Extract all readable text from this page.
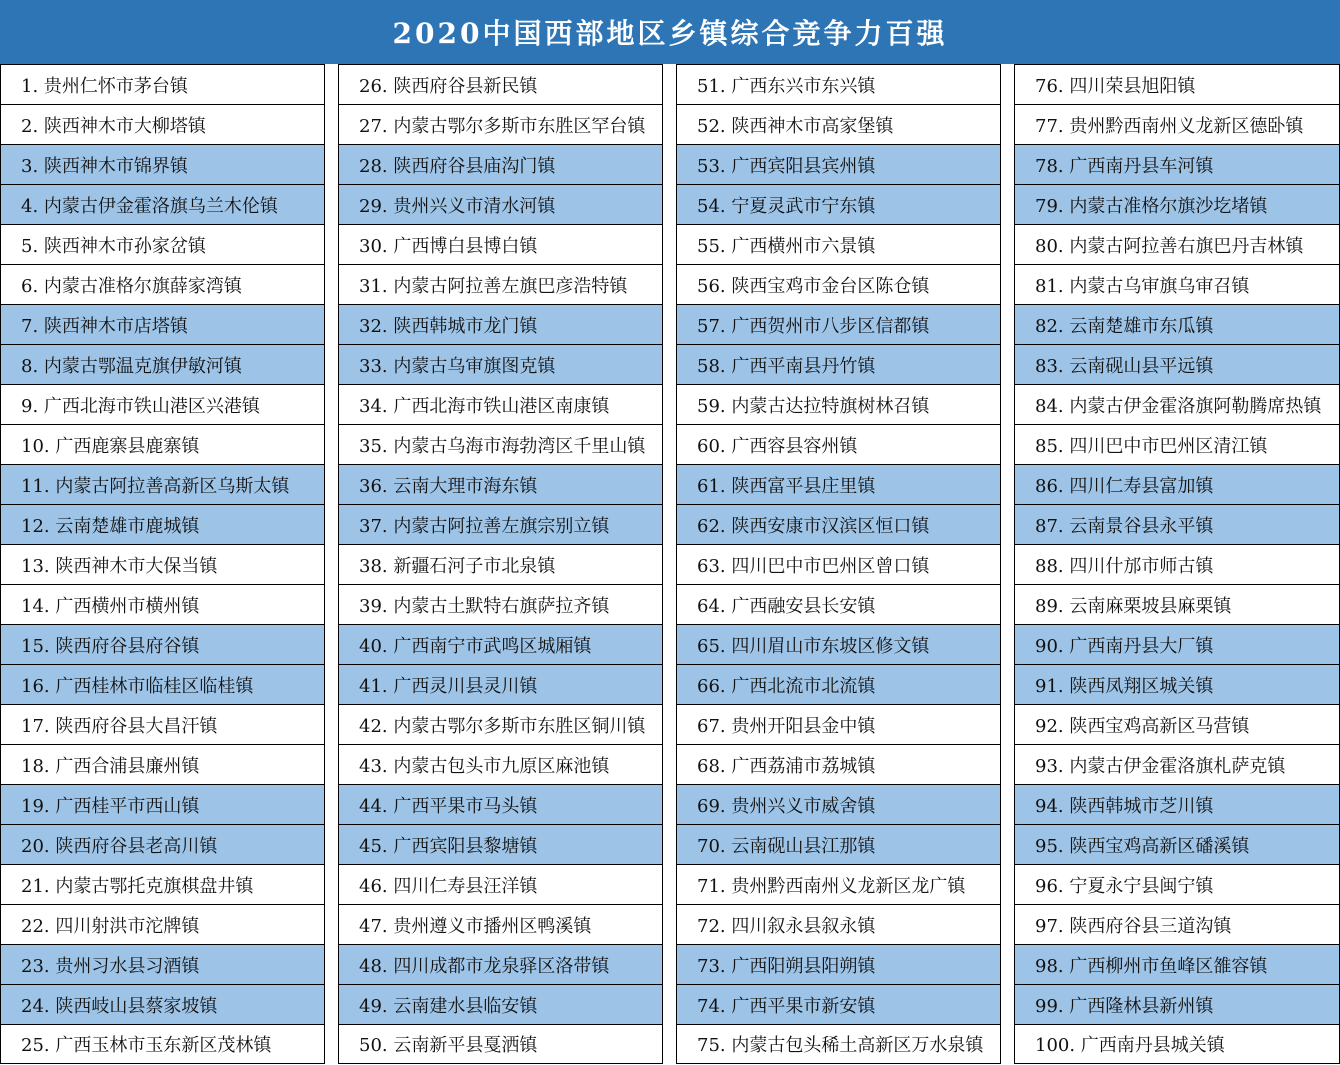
2020中国西部地区乡镇综合竞争力百强
1. 贵州仁怀市茅台镇
2. 陕西神木市大柳塔镇
3. 陕西神木市锦界镇
4. 内蒙古伊金霍洛旗乌兰木伦镇
5. 陕西神木市孙家岔镇
6. 内蒙古准格尔旗薛家湾镇
7. 陕西神木市店塔镇
8. 内蒙古鄂温克旗伊敏河镇
9. 广西北海市铁山港区兴港镇
10. 广西鹿寨县鹿寨镇
11. 内蒙古阿拉善高新区乌斯太镇
12. 云南楚雄市鹿城镇
13. 陕西神木市大保当镇
14. 广西横州市横州镇
15. 陕西府谷县府谷镇
16. 广西桂林市临桂区临桂镇
17. 陕西府谷县大昌汗镇
18. 广西合浦县廉州镇
19. 广西桂平市西山镇
20. 陕西府谷县老高川镇
21. 内蒙古鄂托克旗棋盘井镇
22. 四川射洪市沱牌镇
23. 贵州习水县习酒镇
24. 陕西岐山县蔡家坡镇
25. 广西玉林市玉东新区茂林镇
26. 陕西府谷县新民镇
27. 内蒙古鄂尔多斯市东胜区罕台镇
28. 陕西府谷县庙沟门镇
29. 贵州兴义市清水河镇
30. 广西博白县博白镇
31. 内蒙古阿拉善左旗巴彦浩特镇
32. 陕西韩城市龙门镇
33. 内蒙古乌审旗图克镇
34. 广西北海市铁山港区南康镇
35. 内蒙古乌海市海勃湾区千里山镇
36. 云南大理市海东镇
37. 内蒙古阿拉善左旗宗别立镇
38. 新疆石河子市北泉镇
39. 内蒙古土默特右旗萨拉齐镇
40. 广西南宁市武鸣区城厢镇
41. 广西灵川县灵川镇
42. 内蒙古鄂尔多斯市东胜区铜川镇
43. 内蒙古包头市九原区麻池镇
44. 广西平果市马头镇
45. 广西宾阳县黎塘镇
46. 四川仁寿县汪洋镇
47. 贵州遵义市播州区鸭溪镇
48. 四川成都市龙泉驿区洛带镇
49. 云南建水县临安镇
50. 云南新平县戛洒镇
51. 广西东兴市东兴镇
52. 陕西神木市高家堡镇
53. 广西宾阳县宾州镇
54. 宁夏灵武市宁东镇
55. 广西横州市六景镇
56. 陕西宝鸡市金台区陈仓镇
57. 广西贺州市八步区信都镇
58. 广西平南县丹竹镇
59. 内蒙古达拉特旗树林召镇
60. 广西容县容州镇
61. 陕西富平县庄里镇
62. 陕西安康市汉滨区恒口镇
63. 四川巴中市巴州区曾口镇
64. 广西融安县长安镇
65. 四川眉山市东坡区修文镇
66. 广西北流市北流镇
67. 贵州开阳县金中镇
68. 广西荔浦市荔城镇
69. 贵州兴义市威舍镇
70. 云南砚山县江那镇
71. 贵州黔西南州义龙新区龙广镇
72. 四川叙永县叙永镇
73. 广西阳朔县阳朔镇
74. 广西平果市新安镇
75. 内蒙古包头稀土高新区万水泉镇
76. 四川荣县旭阳镇
77. 贵州黔西南州义龙新区德卧镇
78. 广西南丹县车河镇
79. 内蒙古准格尔旗沙圪堵镇
80. 内蒙古阿拉善右旗巴丹吉林镇
81. 内蒙古乌审旗乌审召镇
82. 云南楚雄市东瓜镇
83. 云南砚山县平远镇
84. 内蒙古伊金霍洛旗阿勒腾席热镇
85. 四川巴中市巴州区清江镇
86. 四川仁寿县富加镇
87. 云南景谷县永平镇
88. 四川什邡市师古镇
89. 云南麻栗坡县麻栗镇
90. 广西南丹县大厂镇
91. 陕西凤翔区城关镇
92. 陕西宝鸡高新区马营镇
93. 内蒙古伊金霍洛旗札萨克镇
94. 陕西韩城市芝川镇
95. 陕西宝鸡高新区磻溪镇
96. 宁夏永宁县闽宁镇
97. 陕西府谷县三道沟镇
98. 广西柳州市鱼峰区雒容镇
99. 广西隆林县新州镇
100. 广西南丹县城关镇
